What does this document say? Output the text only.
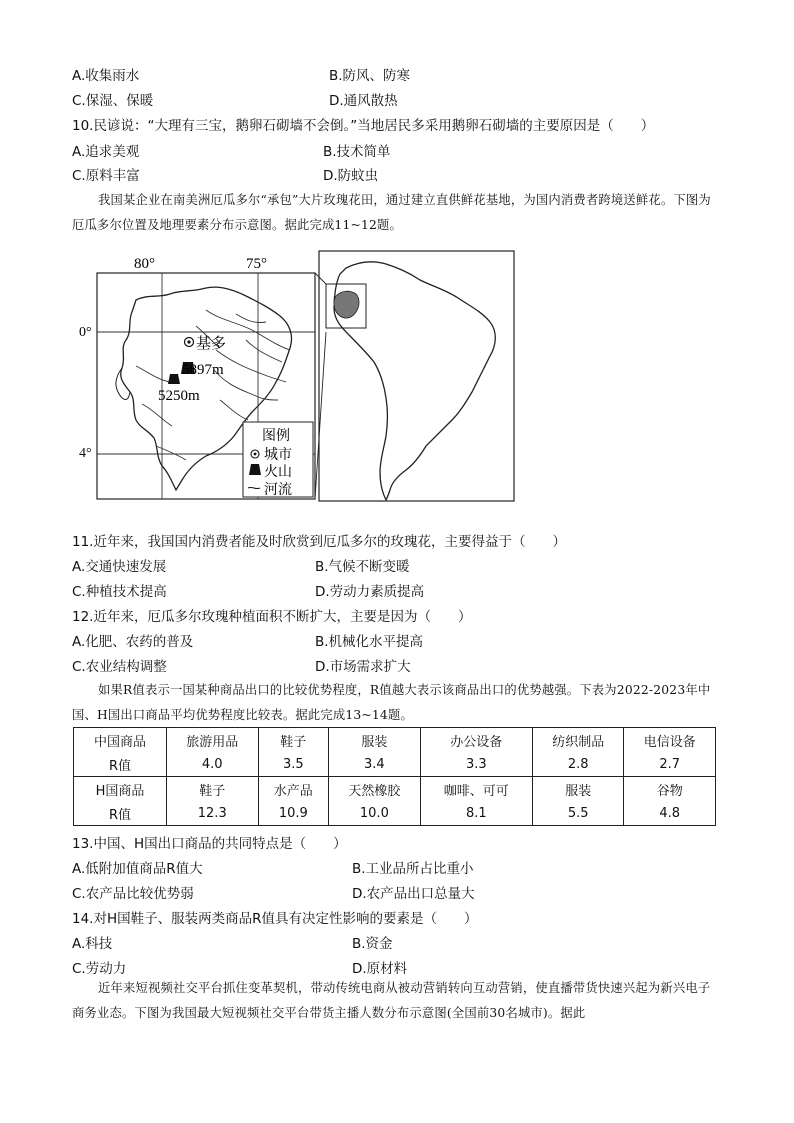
A.收集雨水	B.防风、防寒
C.保湿、保暖	D.通风散热
10.民谚说：“大理有三宝，鹅卵石砌墙不会倒。”当地居民多采用鹅卵石砌墙的主要原因是（　　）
A.追求美观	B.技术简单
C.原料丰富	D.防蚊虫
我国某企业在南美洲厄瓜多尔“承包”大片玫瑰花田，通过建立直供鲜花基地，为国内消费者跨境送鲜花。下图为厄瓜多尔位置及地理要素分布示意图。据此完成11~12题。
80°	75°
0°
基多
5897m
5250m
图例
城市
火山
河流
4°
11.近年来，我国国内消费者能及时欣赏到厄瓜多尔的玫瑰花，主要得益于（　　）
A.交通快速发展	B.气候不断变暖
C.种植技术提高	D.劳动力素质提高
12.近年来，厄瓜多尔玫瑰种植面积不断扩大，主要是因为（　　）
A.化肥、农药的普及	B.机械化水平提高
C.农业结构调整	D.市场需求扩大
如果R值表示一国某种商品出口的比较优势程度，R值越大表示该商品出口的优势越强。下表为2022-2023年中国、H国出口商品平均优势程度比较表。据此完成13~14题。
中国商品	旅游用品	鞋子	服装	办公设备	纺织制品	电信设备
R值	4.0	3.5	3.4	3.3	2.8	2.7
H国商品	鞋子	水产品	天然橡胶	咖啡、可可	服装	谷物
R值	12.3	10.9	10.0	8.1	5.5	4.8
13.中国、H国出口商品的共同特点是（　　）
A.低附加值商品R值大	B.工业品所占比重小
C.农产品比较优势弱	D.农产品出口总量大
14.对H国鞋子、服装两类商品R值具有决定性影响的要素是（　　）
A.科技	B.资金
C.劳动力	D.原材料
近年来短视频社交平台抓住变革契机，带动传统电商从被动营销转向互动营销，使直播带货快速兴起为新兴电子商务业态。下图为我国最大短视频社交平台带货主播人数分布示意图(全国前30名城市)。据此
